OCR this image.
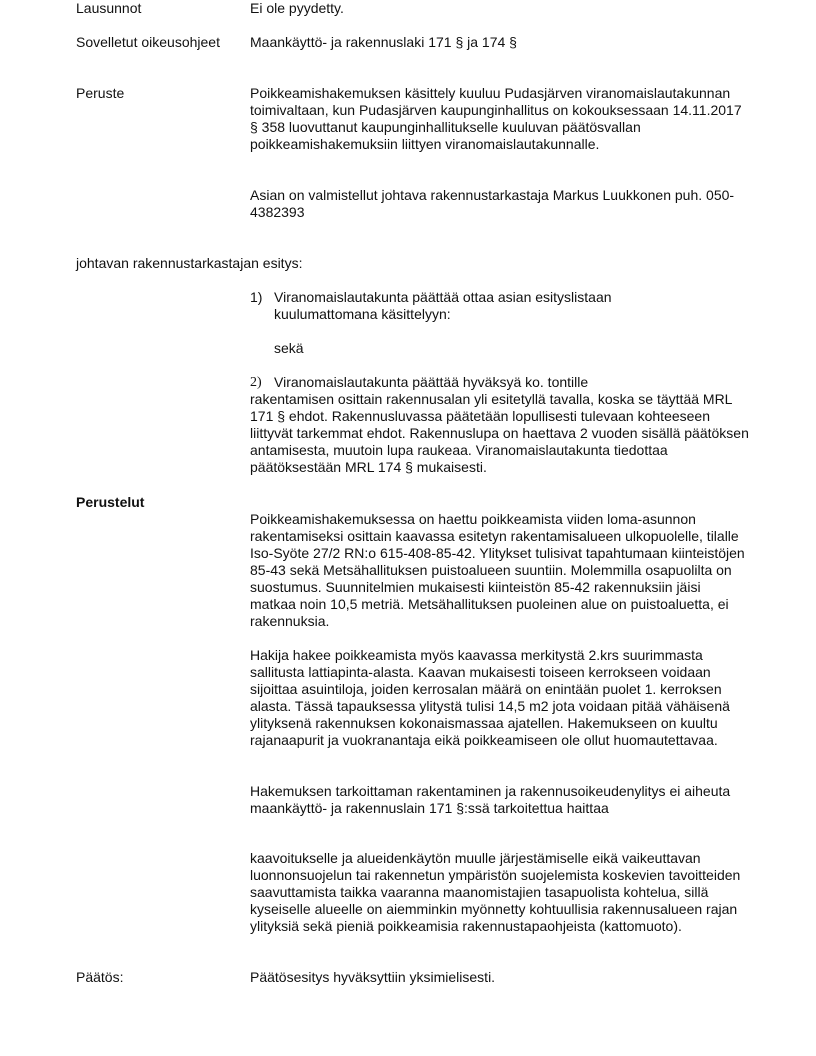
Lausunnot	Ei ole pyydetty.
Sovelletut oikeusohjeet	Maankäyttö- ja rakennuslaki 171 § ja 174 §
Peruste	Poikkeamishakemuksen käsittely kuuluu Pudasjärven viranomaislautakunnan toimivaltaan, kun Pudasjärven kaupunginhallitus on kokouksessaan 14.11.2017 § 358 luovuttanut kaupunginhallitukselle kuuluvan päätösvallan poikkeamishakemuksiin liittyen viranomaislautakunnalle.
Asian on valmistellut johtava rakennustarkastaja Markus Luukkonen puh. 050-4382393
johtavan rakennustarkastajan esitys:
1) Viranomaislautakunta päättää ottaa asian esityslistaan kuulumattomana käsittelyyn:
sekä
2) Viranomaislautakunta päättää hyväksyä ko. tontille
rakentamisen osittain rakennusalan yli esitetyllä tavalla, koska se täyttää MRL 171 § ehdot. Rakennusluvassa päätetään lopullisesti tulevaan kohteeseen liittyvät tarkemmat ehdot. Rakennuslupa on haettava 2 vuoden sisällä päätöksen antamisesta, muutoin lupa raukeaa. Viranomaislautakunta tiedottaa päätöksestään MRL 174 § mukaisesti.
Perustelut
Poikkeamishakemuksessa on haettu poikkeamista viiden loma-asunnon rakentamiseksi osittain kaavassa esitetyn rakentamisalueen ulkopuolelle, tilalle Iso-Syöte 27/2 RN:o 615-408-85-42. Ylitykset tulisivat tapahtumaan kiinteistöjen 85-43 sekä Metsähallituksen puistoalueen suuntiin. Molemmilla osapuolilta on suostumus. Suunnitelmien mukaisesti kiinteistön 85-42 rakennuksiin jäisi matkaa noin 10,5 metriä. Metsähallituksen puoleinen alue on puistoaluetta, ei rakennuksia.
Hakija hakee poikkeamista myös kaavassa merkitystä 2.krs suurimmasta sallitusta lattiapinta-alasta. Kaavan mukaisesti toiseen kerrokseen voidaan sijoittaa asuintiloja, joiden kerrosalan määrä on enintään puolet 1. kerroksen alasta. Tässä tapauksessa ylitystä tulisi 14,5 m2 jota voidaan pitää vähäisenä ylityksenä rakennuksen kokonaismassaa ajatellen. Hakemukseen on kuultu rajanaapurit ja vuokranantaja eikä poikkeamiseen ole ollut huomautettavaa.
Hakemuksen tarkoittaman rakentaminen ja rakennusoikeudenylitys ei aiheuta maankäyttö- ja rakennuslain 171 §:ssä tarkoitettua haittaa
kaavoitukselle ja alueidenkäytön muulle järjestämiselle eikä vaikeuttavan luonnonsuojelun tai rakennetun ympäristön suojelemista koskevien tavoitteiden saavuttamista taikka vaaranna maanomistajien tasapuolista kohtelua, sillä kyseiselle alueelle on aiemminkin myönnetty kohtuullisia rakennusalueen rajan ylityksiä sekä pieniä poikkeamisia rakennustapaohjeista (kattomuoto).
Päätös:	Päätösesitys hyväksyttiin yksimielisesti.
